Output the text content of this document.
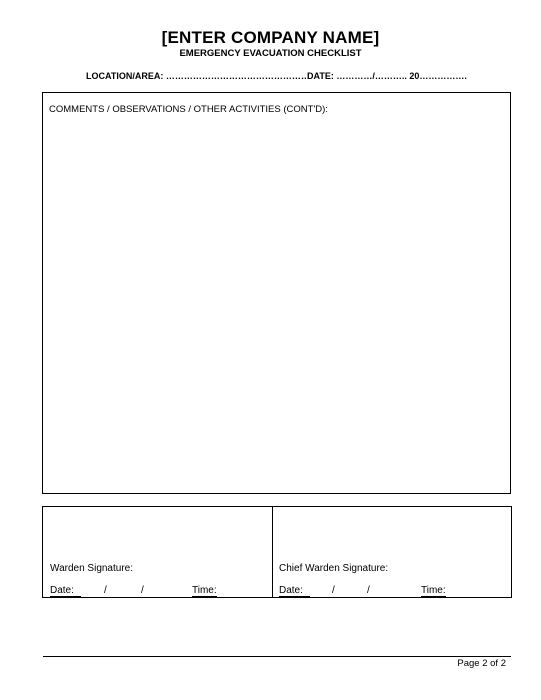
[ENTER COMPANY NAME]
EMERGENCY EVACUATION CHECKLIST
LOCATION/AREA: …………………………………………
DATE: …………/……….. 20…………….
COMMENTS / OBSERVATIONS / OTHER ACTIVITIES (CONT'D):
Warden Signature:
Date:	/	/	Time:
Chief Warden Signature:
Date:	/	/	Time:
Page 2 of 2
